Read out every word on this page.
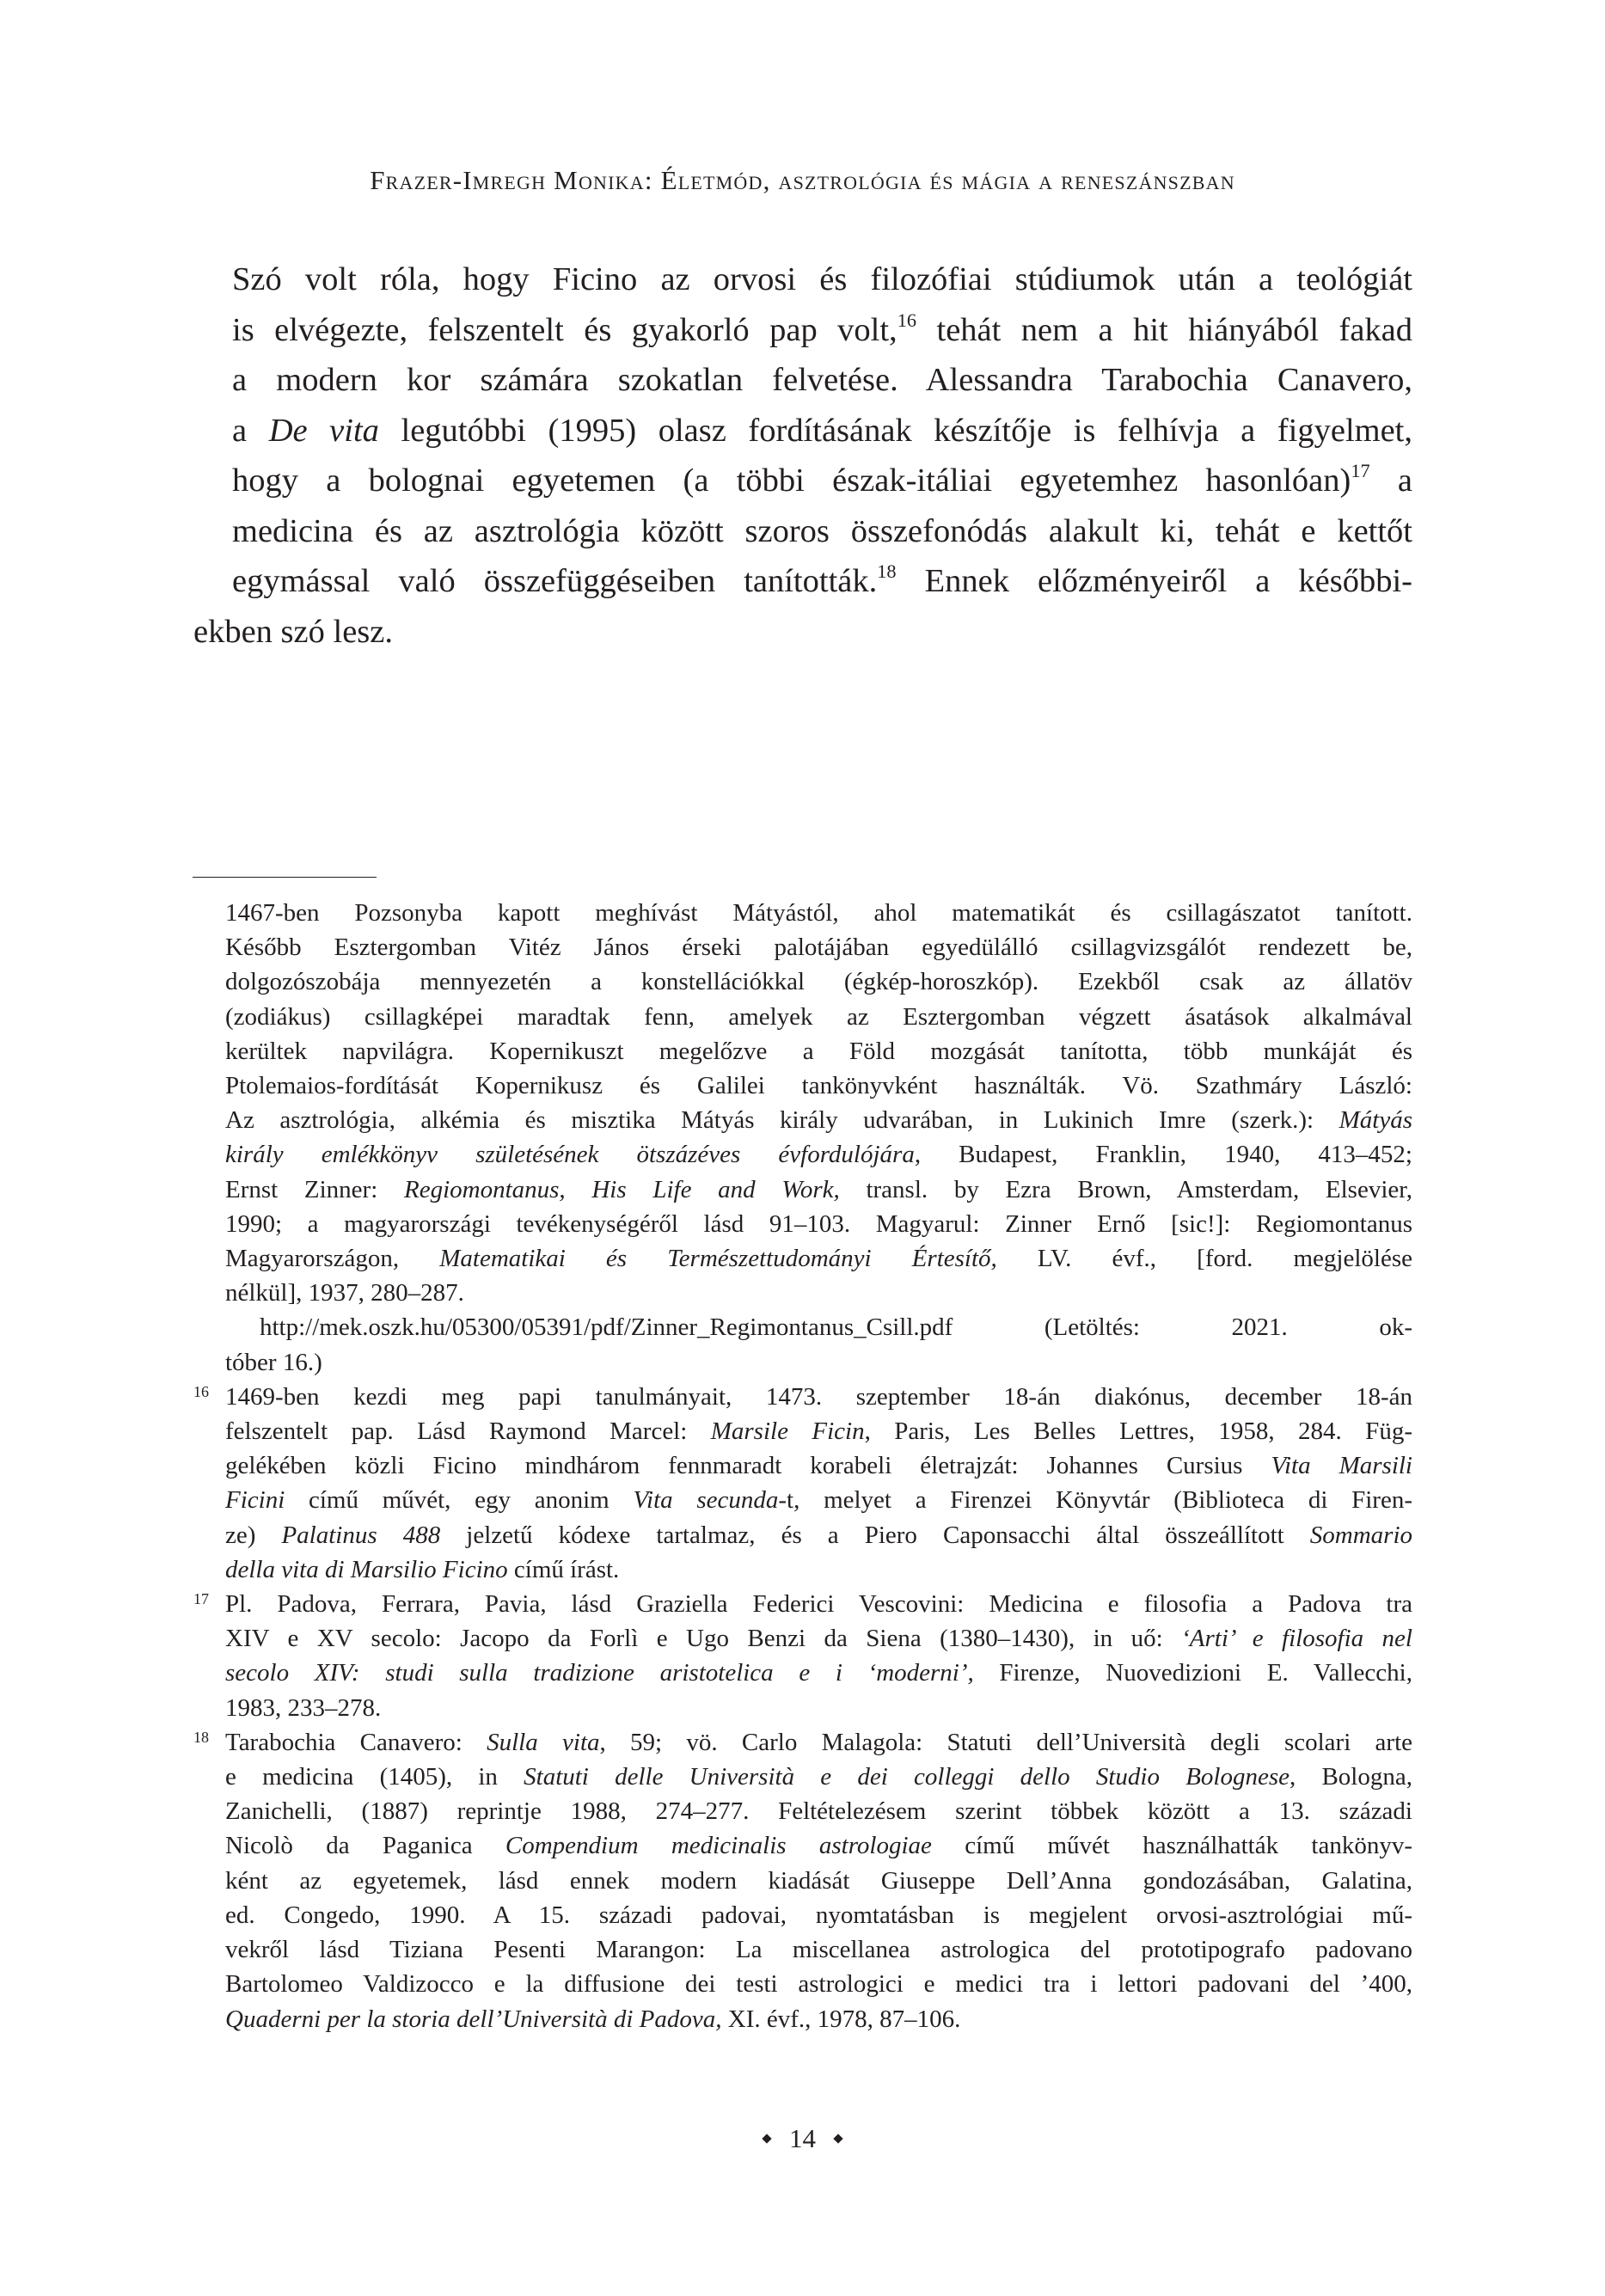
Frazer-Imregh Monika: Életmód, asztrológia és mágia a reneszánszban

Szó volt róla, hogy Ficino az orvosi és filozófiai stúdiumok után a teológiát
is elvégezte, felszentelt és gyakorló pap volt,$^{16}$ tehát nem a hit hiányából fakad
a modern kor számára szokatlan felvetése. Alessandra Tarabochia Canavero,
a De vita legutóbbi (1995) olasz fordításának készítője is felhívja a figyelmet,
hogy a bolognai egyetemen (a többi észak-itáliai egyetemhez hasonlóan)$^{17}$ a
medicina és az asztrológia között szoros összefonódás alakult ki, tehát e kettőt
egymással való összefüggéseiben tanították.$^{18}$ Ennek előzményeiről a későbbi-
ekben szó lesz.

1467-ben Pozsonyba kapott meghívást Mátyástól, ahol matematikát és csillagászatot tanított.
Később Esztergomban Vitéz János érseki palotájában egyedülálló csillagvizsgálót rendezett be,
dolgozószobája mennyezetén a konstellációkkal (égkép-horoszkóp). Ezekből csak az állatöv
(zodiákus) csillagképei maradtak fenn, amelyek az Esztergomban végzett ásatások alkalmával
kerültek napvilágra. Kopernikuszt megelőzve a Föld mozgását tanította, több munkáját és
Ptolemaios-fordítását Kopernikusz és Galilei tankönyvként használták. Vö. Szathmáry László:
Az asztrológia, alkémia és misztika Mátyás király udvarában, in Lukinich Imre (szerk.): Mátyás
király emlékkönyv születésének ötszázéves évfordulójára, Budapest, Franklin, 1940, 413–452;
Ernst Zinner: Regiomontanus, His Life and Work, transl. by Ezra Brown, Amsterdam, Elsevier,
1990; a magyarországi tevékenységéről lásd 91–103. Magyarul: Zinner Ernő [sic!]: Regiomontanus
Magyarországon, Matematikai és Természettudományi Értesítő, LV. évf., [ford. megjelölése
nélkül], 1937, 280–287.
http://mek.oszk.hu/05300/05391/pdf/Zinner_Regimontanus_Csill.pdf (Letöltés: 2021. ok-
tóber 16.)
16 1469-ben kezdi meg papi tanulmányait, 1473. szeptember 18-án diakónus, december 18-án
felszentelt pap. Lásd Raymond Marcel: Marsile Ficin, Paris, Les Belles Lettres, 1958, 284. Füg-
gelékében közli Ficino mindhárom fennmaradt korabeli életrajzát: Johannes Cursius Vita Marsili
Ficini című művét, egy anonim Vita secunda-t, melyet a Firenzei Könyvtár (Biblioteca di Firen-
ze) Palatinus 488 jelzetű kódexe tartalmaz, és a Piero Caponsacchi által összeállított Sommario
della vita di Marsilio Ficino című írást.
17 Pl. Padova, Ferrara, Pavia, lásd Graziella Federici Vescovini: Medicina e filosofia a Padova tra
XIV e XV secolo: Jacopo da Forlì e Ugo Benzi da Siena (1380–1430), in uő: ‘Arti’ e filosofia nel
secolo XIV: studi sulla tradizione aristotelica e i ‘moderni’, Firenze, Nuovedizioni E. Vallecchi,
1983, 233–278.
18 Tarabochia Canavero: Sulla vita, 59; vö. Carlo Malagola: Statuti dell’Università degli scolari arte
e medicina (1405), in Statuti delle Università e dei colleggi dello Studio Bolognese, Bologna,
Zanichelli, (1887) reprintje 1988, 274–277. Feltételezésem szerint többek között a 13. századi
Nicolò da Paganica Compendium medicinalis astrologiae című művét használhatták tankönyv-
ként az egyetemek, lásd ennek modern kiadását Giuseppe Dell’Anna gondozásában, Galatina,
ed. Congedo, 1990. A 15. századi padovai, nyomtatásban is megjelent orvosi-asztrológiai mű-
vekről lásd Tiziana Pesenti Marangon: La miscellanea astrologica del prototipografo padovano
Bartolomeo Valdizocco e la diffusione dei testi astrologici e medici tra i lettori padovani del ’400,
Quaderni per la storia dell’Università di Padova, XI. évf., 1978, 87–106.
14
